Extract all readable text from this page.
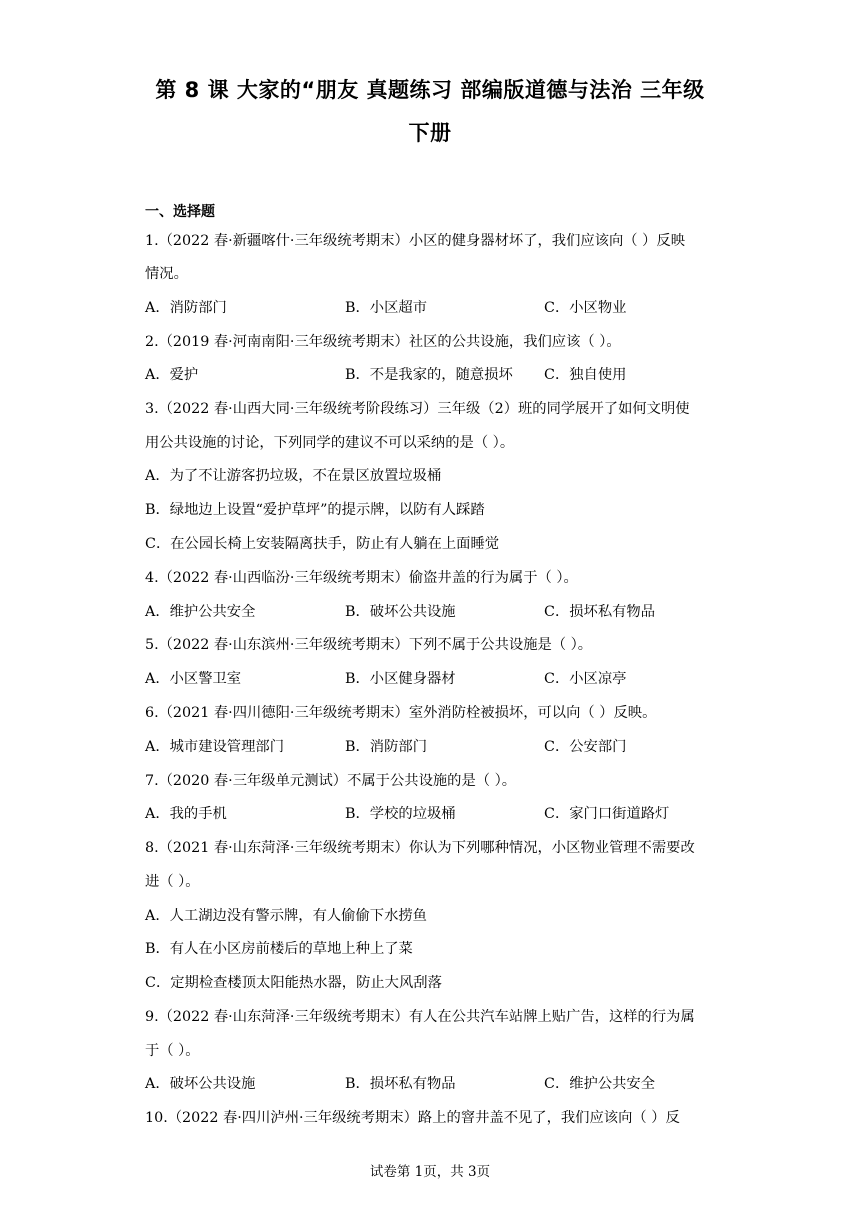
第 8 课 大家的“朋友 真题练习 部编版道德与法治 三年级
下册
一、选择题
1.（2022 春·新疆喀什·三年级统考期末）小区的健身器材坏了，我们应该向（ ）反映
情况。
A．消防部门	B．小区超市	C．小区物业
2.（2019 春·河南南阳·三年级统考期末）社区的公共设施，我们应该（ ）。
A．爱护	B．不是我家的，随意损坏 C．独自使用
3.（2022 春·山西大同·三年级统考阶段练习）三年级（2）班的同学展开了如何文明使
用公共设施的讨论，下列同学的建议不可以采纳的是（ ）。
A．为了不让游客扔垃圾，不在景区放置垃圾桶
B．绿地边上设置“爱护草坪”的提示牌，以防有人踩踏
C．在公园长椅上安装隔离扶手，防止有人躺在上面睡觉
4.（2022 春·山西临汾·三年级统考期末）偷盗井盖的行为属于（ ）。
A．维护公共安全	B．破坏公共设施	C．损坏私有物品
5.（2022 春·山东滨州·三年级统考期末）下列不属于公共设施是（ ）。
A．小区警卫室	B．小区健身器材	C．小区凉亭
6.（2021 春·四川德阳·三年级统考期末）室外消防栓被损坏，可以向（ ）反映。
A．城市建设管理部门	B．消防部门	C．公安部门
7.（2020 春·三年级单元测试）不属于公共设施的是（ ）。
A．我的手机	B．学校的垃圾桶	C．家门口街道路灯
8.（2021 春·山东菏泽·三年级统考期末）你认为下列哪种情况，小区物业管理不需要改
进（ ）。
A．人工湖边没有警示牌，有人偷偷下水捞鱼
B．有人在小区房前楼后的草地上种上了菜
C．定期检查楼顶太阳能热水器，防止大风刮落
9.（2022 春·山东菏泽·三年级统考期末）有人在公共汽车站牌上贴广告，这样的行为属
于（ ）。
A．破坏公共设施	B．损坏私有物品	C．维护公共安全
10.（2022 春·四川泸州·三年级统考期末）路上的窨井盖不见了，我们应该向（ ）反
试卷第 1页，共 3页
